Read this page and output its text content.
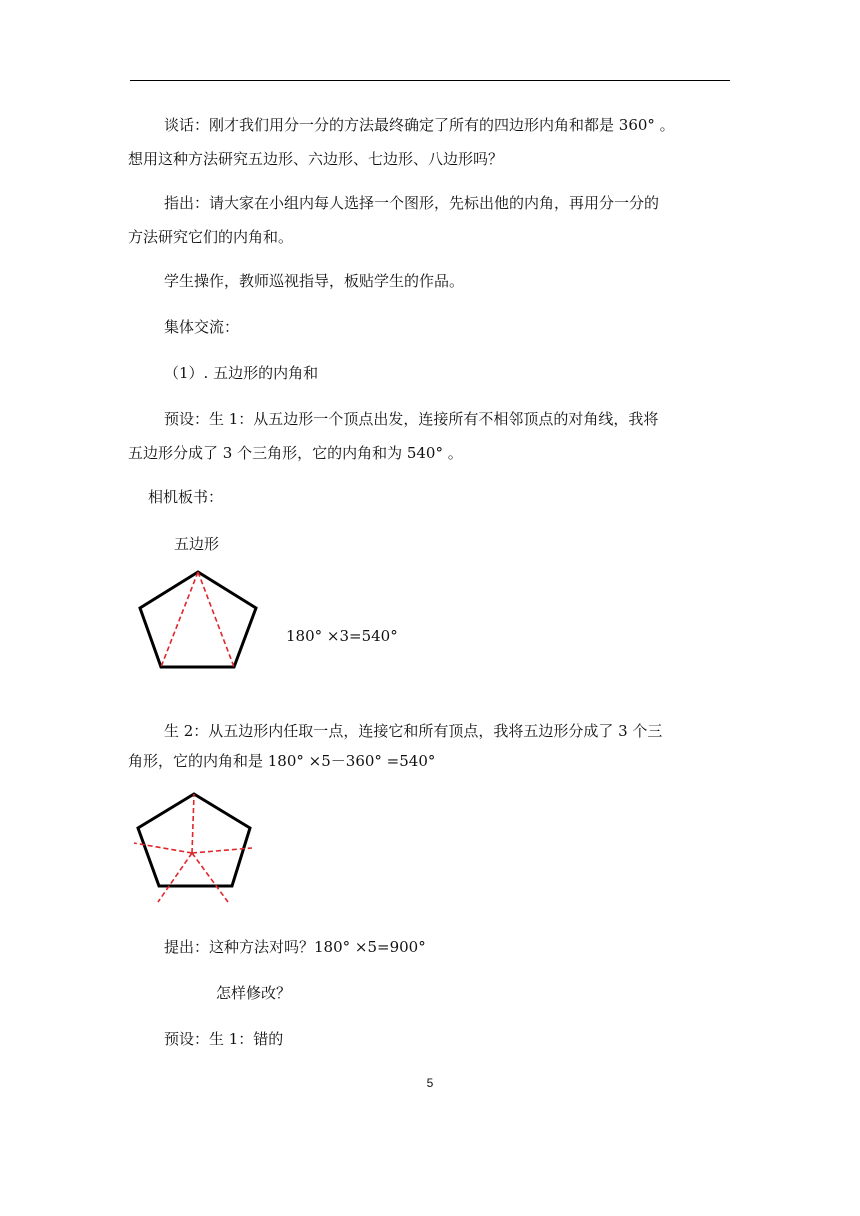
谈话：刚才我们用分一分的方法最终确定了所有的四边形内角和都是 360° 。
想用这种方法研究五边形、六边形、七边形、八边形吗？
指出：请大家在小组内每人选择一个图形，先标出他的内角，再用分一分的
方法研究它们的内角和。
学生操作，教师巡视指导，板贴学生的作品。
集体交流：
（1）. 五边形的内角和
预设：生 1：从五边形一个顶点出发，连接所有不相邻顶点的对角线，我将
五边形分成了 3 个三角形，它的内角和为 540° 。
相机板书：
五边形
180° ×3=540°
生 2：从五边形内任取一点，连接它和所有顶点，我将五边形分成了 3 个三
角形，它的内角和是 180° ×5－360° =540°
提出：这种方法对吗？180° ×5=900°
怎样修改？
预设：生 1：错的
5
